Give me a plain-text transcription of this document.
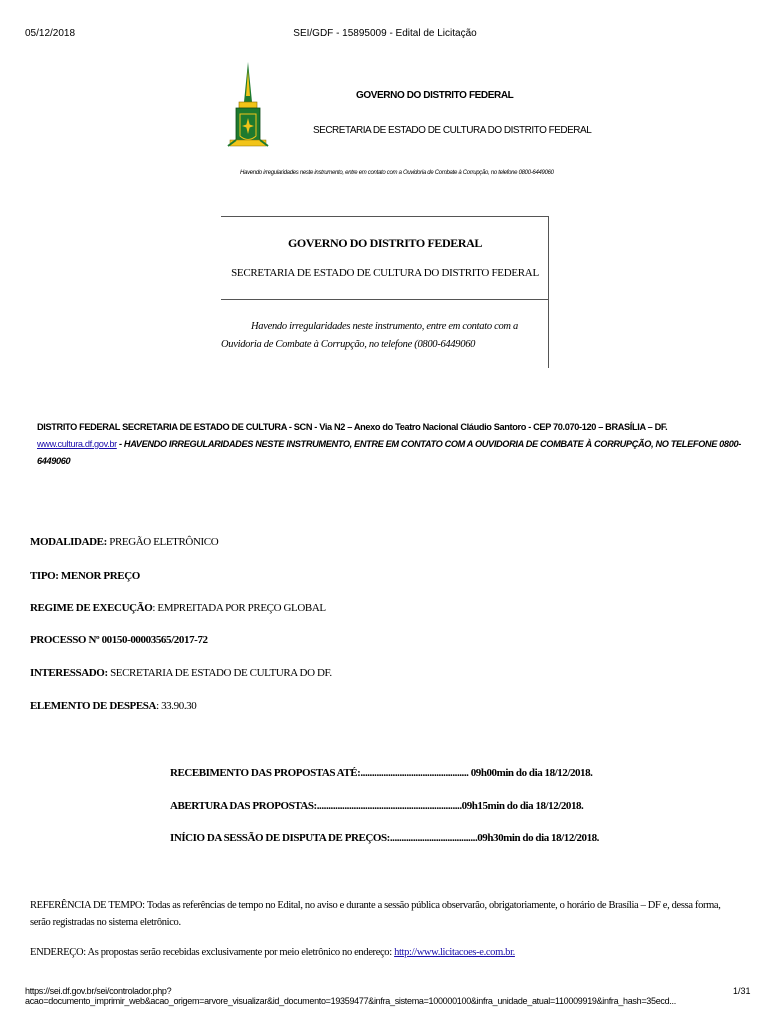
05/12/2018	SEI/GDF - 15895009 - Edital de Licitação
GOVERNO DO DISTRITO FEDERAL
SECRETARIA DE ESTADO DE CULTURA DO DISTRITO FEDERAL
Havendo irregularidades neste instrumento, entre em contato com a Ouvidoria de Combate à Corrupção, no telefone 0800-6449060
GOVERNO DO DISTRITO FEDERAL
SECRETARIA DE ESTADO DE CULTURA DO DISTRITO FEDERAL
Havendo irregularidades neste instrumento, entre em contato com a Ouvidoria de Combate à Corrupção, no telefone (0800-6449060
DISTRITO FEDERAL SECRETARIA DE ESTADO DE CULTURA - SCN - Via N2 – Anexo do Teatro Nacional Cláudio Santoro - CEP 70.070-120 – BRASÍLIA – DF. www.cultura.df.gov.br - HAVENDO IRREGULARIDADES NESTE INSTRUMENTO, ENTRE EM CONTATO COM A OUVIDORIA DE COMBATE À CORRUPÇÃO, NO TELEFONE 0800-6449060
MODALIDADE: PREGÃO ELETRÔNICO
TIPO: MENOR PREÇO
REGIME DE EXECUÇÃO: EMPREITADA POR PREÇO GLOBAL
PROCESSO Nº 00150-00003565/2017-72
INTERESSADO: SECRETARIA DE ESTADO DE CULTURA DO DF.
ELEMENTO DE DESPESA: 33.90.30
RECEBIMENTO DAS PROPOSTAS ATÉ:............................................... 09h00min do dia 18/12/2018.
ABERTURA DAS PROPOSTAS:...............................................................09h15min do dia 18/12/2018.
INÍCIO DA SESSÃO DE DISPUTA DE PREÇOS:......................................09h30min do dia 18/12/2018.
REFERÊNCIA DE TEMPO: Todas as referências de tempo no Edital, no aviso e durante a sessão pública observarão, obrigatoriamente, o horário de Brasília – DF e, dessa forma, serão registradas no sistema eletrônico.
ENDEREÇO: As propostas serão recebidas exclusivamente por meio eletrônico no endereço: http://www.licitacoes-e.com.br.
https://sei.df.gov.br/sei/controlador.php?acao=documento_imprimir_web&acao_origem=arvore_visualizar&id_documento=19359477&infra_sistema=100000100&infra_unidade_atual=110009919&infra_hash=35ecd...
1/31
